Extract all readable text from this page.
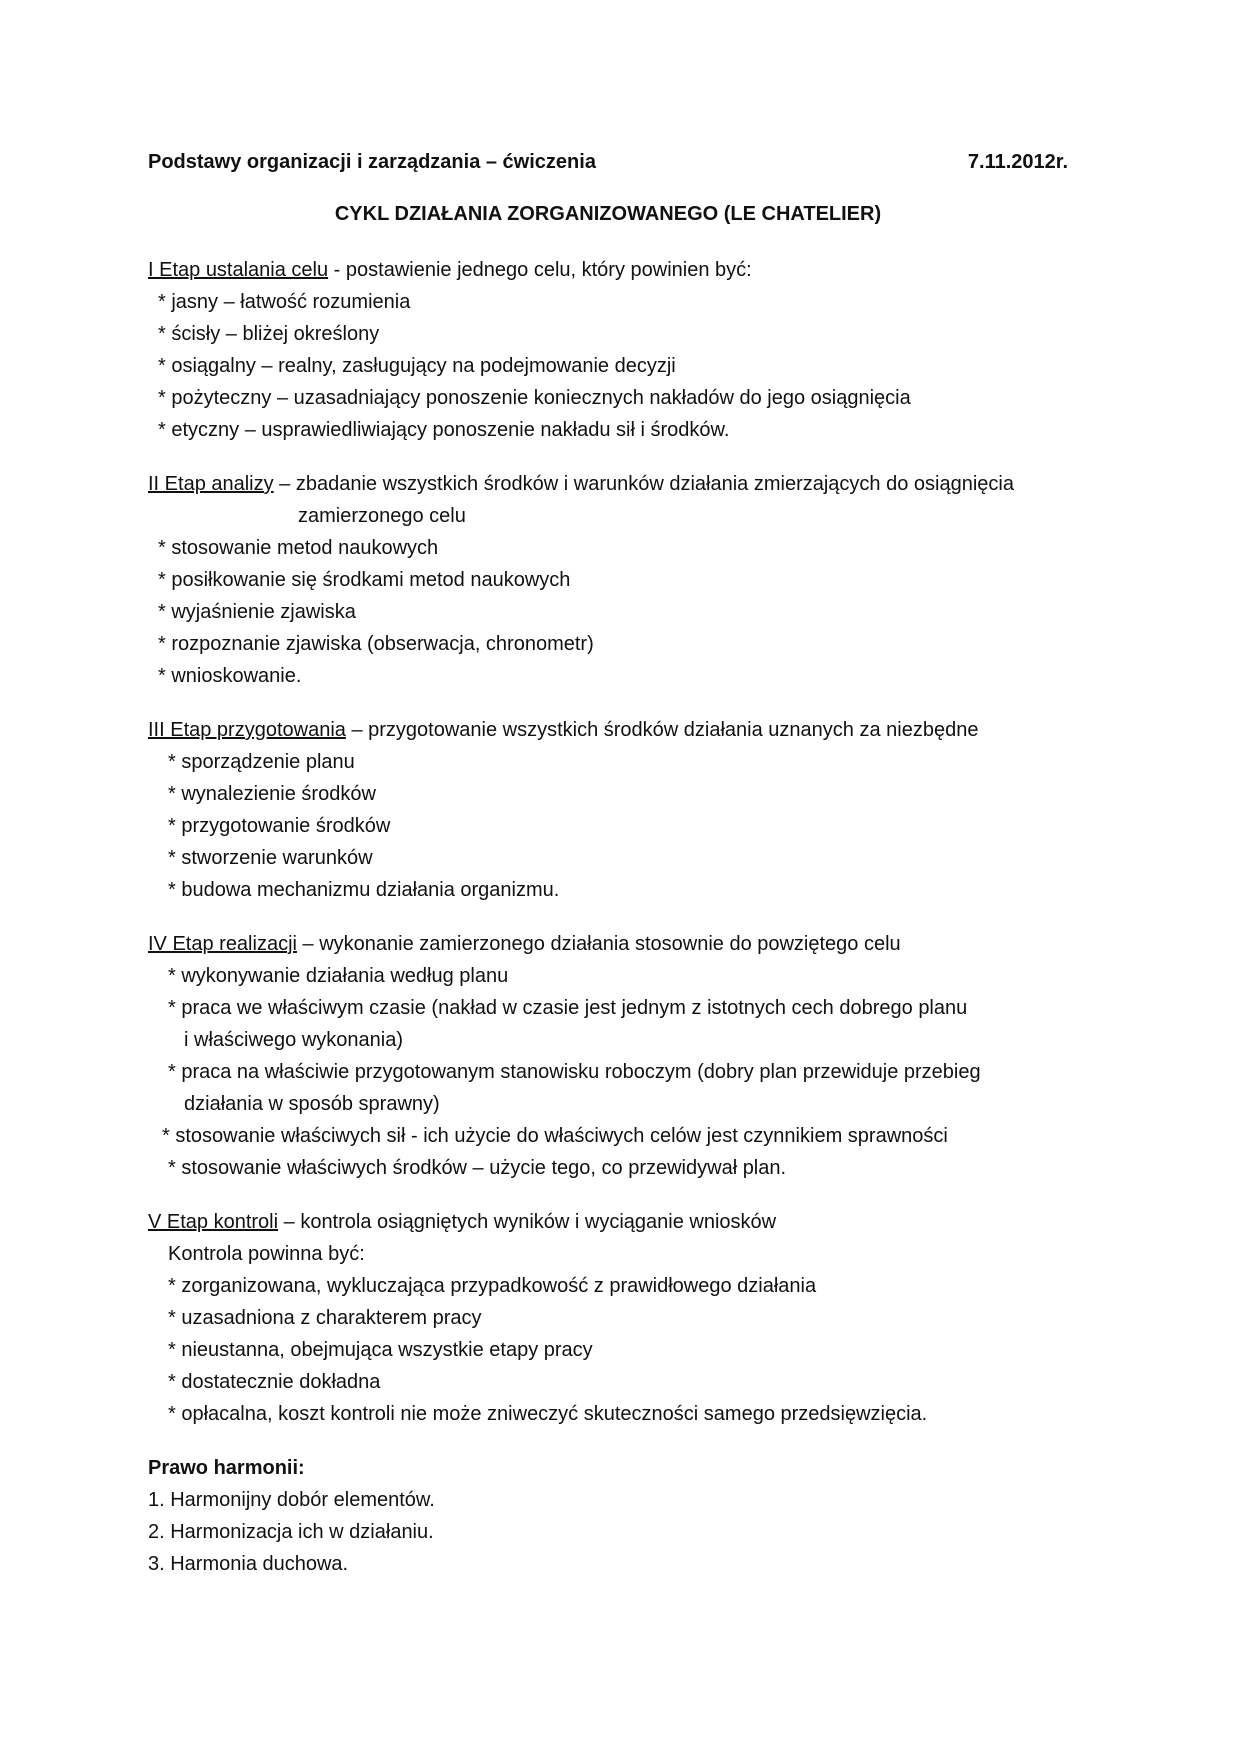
Podstawy organizacji i zarządzania – ćwiczenia	7.11.2012r.
CYKL DZIAŁANIA ZORGANIZOWANEGO (LE CHATELIER)
I Etap ustalania celu - postawienie jednego celu, który powinien być:
* jasny – łatwość rozumienia
* ścisły – bliżej określony
* osiągalny – realny, zasługujący na podejmowanie decyzji
* pożyteczny – uzasadniający ponoszenie koniecznych nakładów do jego osiągnięcia
* etyczny – usprawiedliwiający ponoszenie nakładu sił i środków.
II Etap analizy – zbadanie wszystkich środków i warunków działania zmierzających do osiągnięcia
zamierzonego celu
* stosowanie metod naukowych
* posiłkowanie się środkami metod naukowych
* wyjaśnienie zjawiska
* rozpoznanie zjawiska (obserwacja, chronometr)
* wnioskowanie.
III Etap przygotowania – przygotowanie wszystkich środków działania uznanych za niezbędne
* sporządzenie planu
* wynalezienie środków
* przygotowanie środków
* stworzenie warunków
* budowa mechanizmu działania organizmu.
IV Etap realizacji – wykonanie zamierzonego działania stosownie do powziętego celu
* wykonywanie działania według planu
* praca we właściwym czasie (nakład w czasie jest jednym z istotnych cech dobrego planu
i właściwego wykonania)
* praca na właściwie przygotowanym stanowisku roboczym (dobry plan przewiduje przebieg
działania w sposób sprawny)
* stosowanie właściwych sił - ich użycie do właściwych celów jest czynnikiem sprawności
* stosowanie właściwych środków – użycie tego, co przewidywał plan.
V Etap kontroli – kontrola osiągniętych wyników i wyciąganie wniosków
Kontrola powinna być:
* zorganizowana, wykluczająca przypadkowość z prawidłowego działania
* uzasadniona z charakterem pracy
* nieustanna, obejmująca wszystkie etapy pracy
* dostatecznie dokładna
* opłacalna, koszt kontroli nie może zniweczyć skuteczności samego przedsięwzięcia.
Prawo harmonii:
1. Harmonijny dobór elementów.
2. Harmonizacja ich w działaniu.
3. Harmonia duchowa.
